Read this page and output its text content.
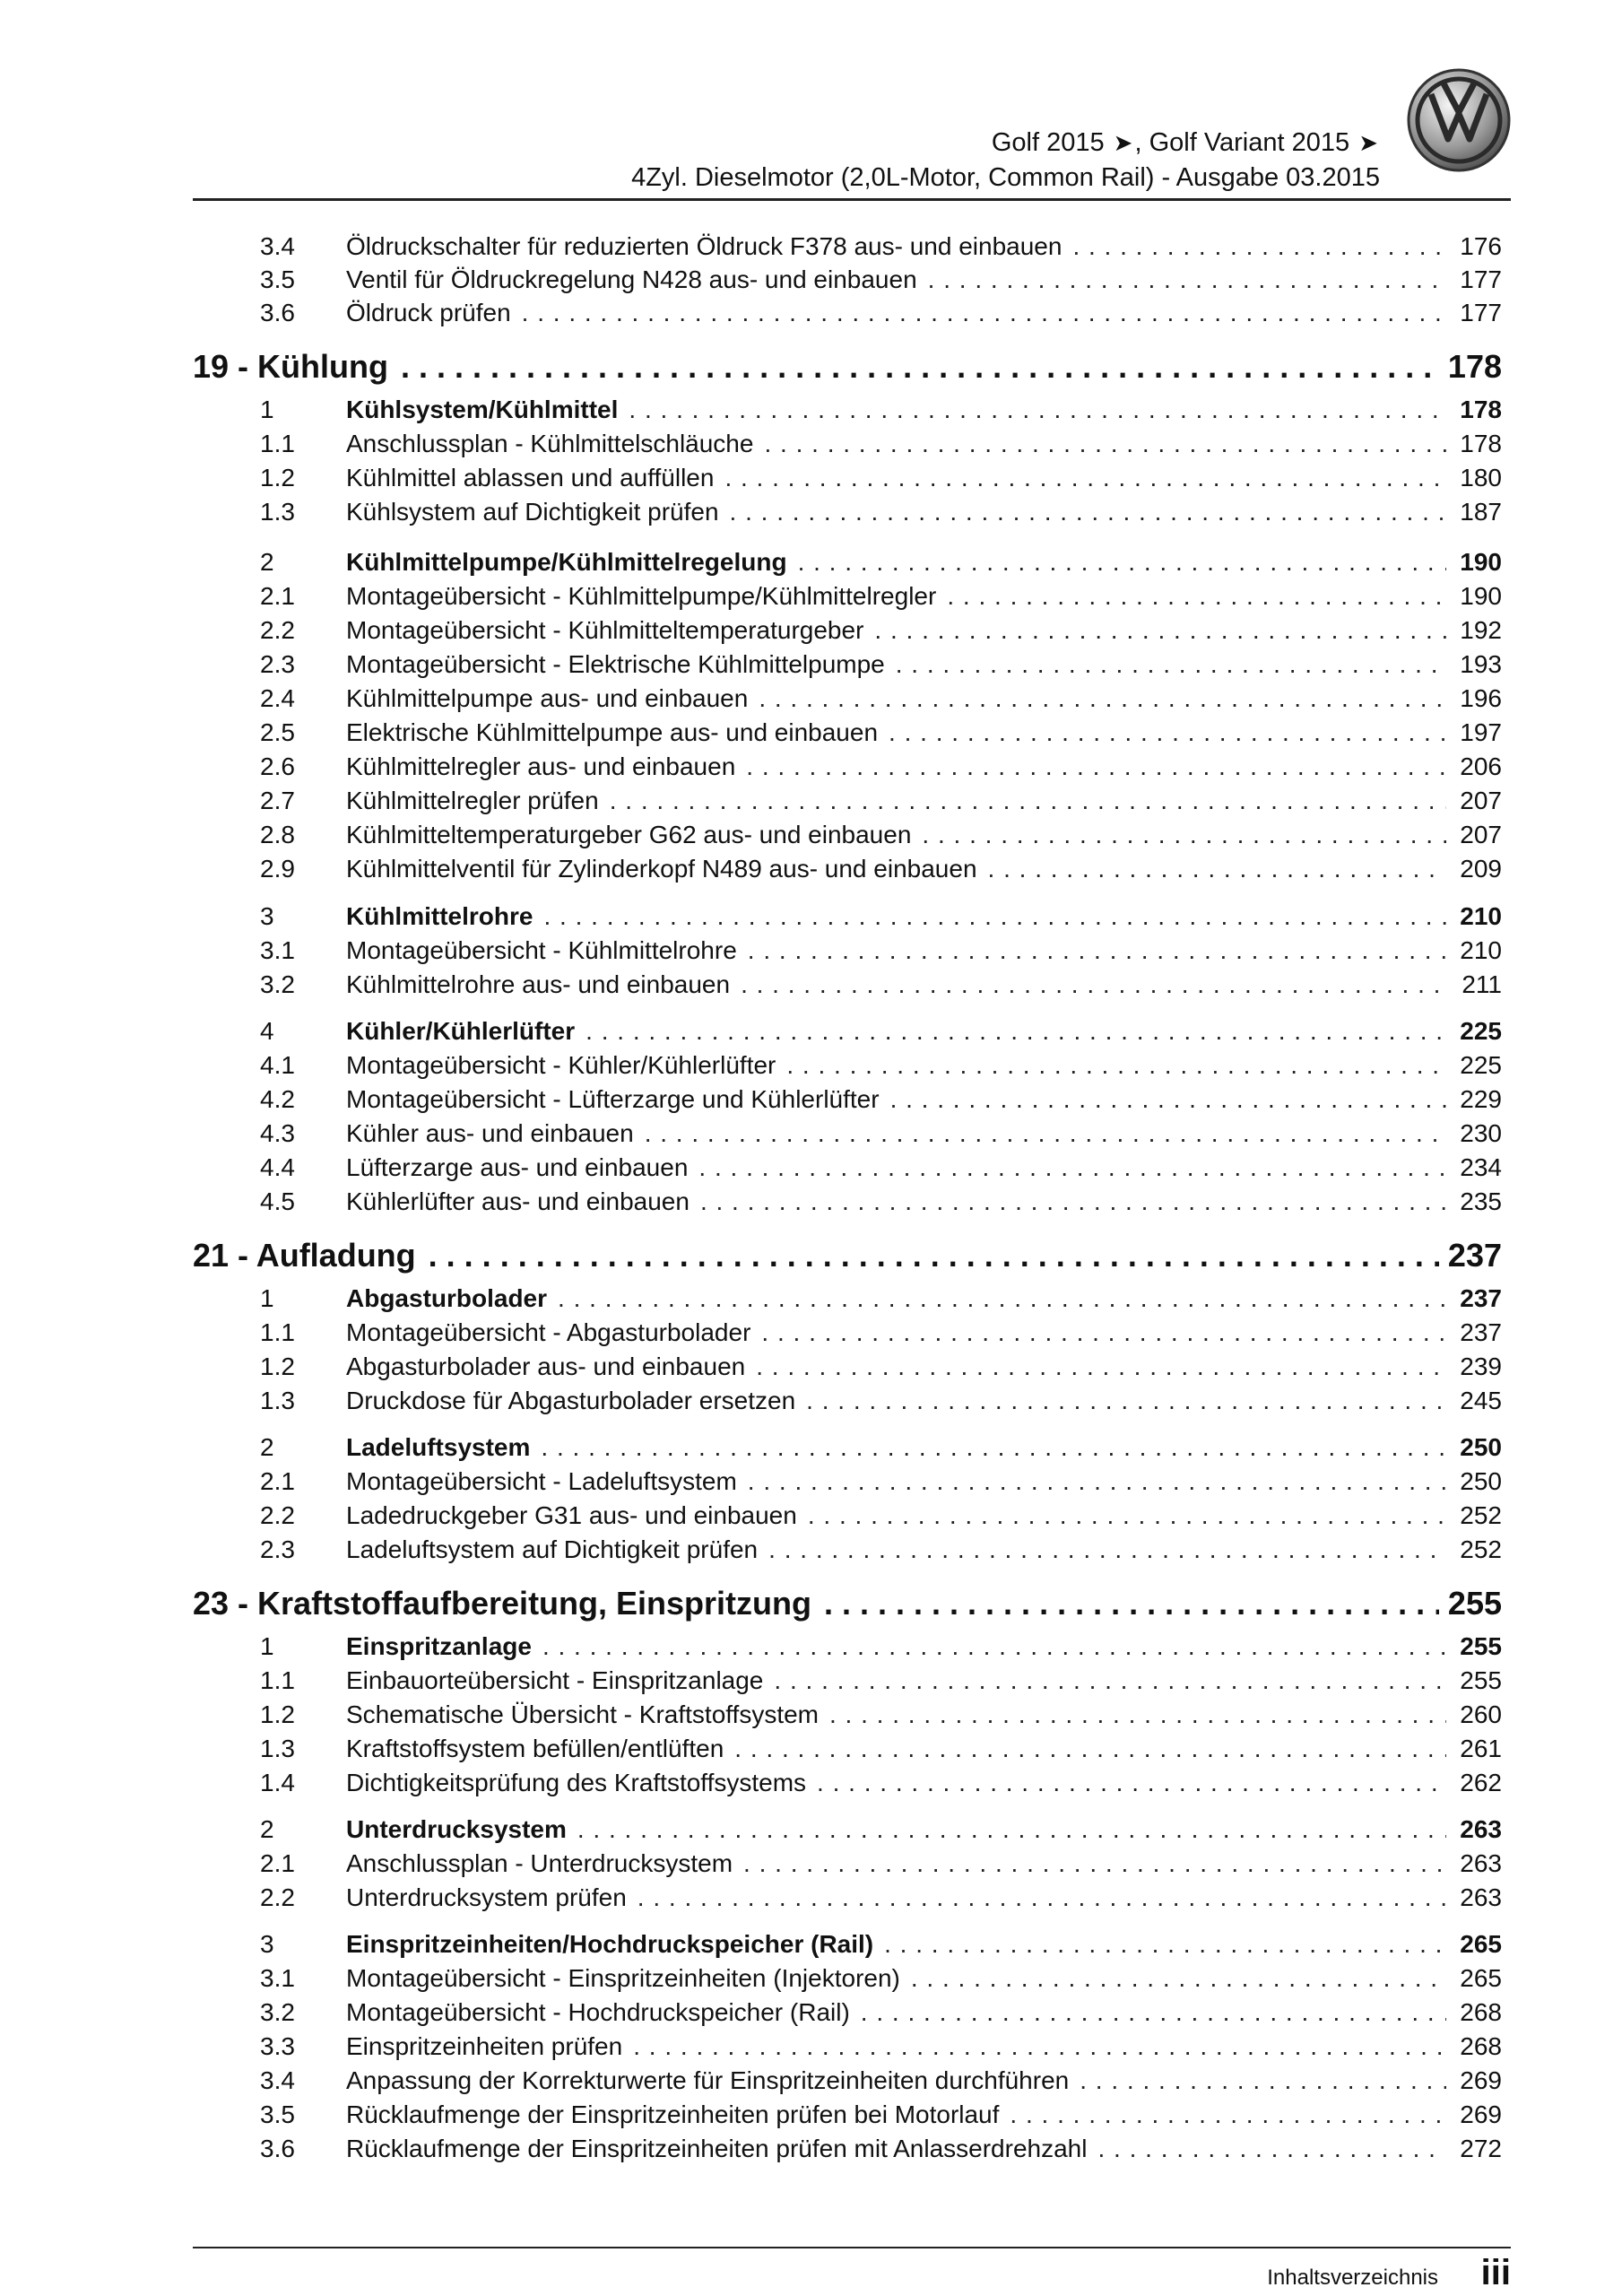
Golf 2015 ➤, Golf Variant 2015 ➤
4Zyl. Dieselmotor (2,0L-Motor, Common Rail) - Ausgabe 03.2015
3.4	Öldruckschalter für reduzierten Öldruck F378 aus- und einbauen . . .	176
3.5	Ventil für Öldruckregelung N428 aus- und einbauen . . .	177
3.6	Öldruck prüfen . . .	177
19 - Kühlung . . .	178
1	Kühlsystem/Kühlmittel . . .	178
1.1	Anschlussplan - Kühlmittelschläuche . . .	178
1.2	Kühlmittel ablassen und auffüllen . . .	180
1.3	Kühlsystem auf Dichtigkeit prüfen . . .	187
2	Kühlmittelpumpe/Kühlmittelregelung . . .	190
2.1	Montageübersicht - Kühlmittelpumpe/Kühlmittelregler . . .	190
2.2	Montageübersicht - Kühlmitteltemperaturgeber . . .	192
2.3	Montageübersicht - Elektrische Kühlmittelpumpe . . .	193
2.4	Kühlmittelpumpe aus- und einbauen . . .	196
2.5	Elektrische Kühlmittelpumpe aus- und einbauen . . .	197
2.6	Kühlmittelregler aus- und einbauen . . .	206
2.7	Kühlmittelregler prüfen . . .	207
2.8	Kühlmitteltemperaturgeber G62 aus- und einbauen . . .	207
2.9	Kühlmittelventil für Zylinderkopf N489 aus- und einbauen . . .	209
3	Kühlmittelrohre . . .	210
3.1	Montageübersicht - Kühlmittelrohre . . .	210
3.2	Kühlmittelrohre aus- und einbauen . . .	211
4	Kühler/Kühlerlüfter . . .	225
4.1	Montageübersicht - Kühler/Kühlerlüfter . . .	225
4.2	Montageübersicht - Lüfterzarge und Kühlerlüfter . . .	229
4.3	Kühler aus- und einbauen . . .	230
4.4	Lüfterzarge aus- und einbauen . . .	234
4.5	Kühlerlüfter aus- und einbauen . . .	235
21 - Aufladung . . .	237
1	Abgasturbolader . . .	237
1.1	Montageübersicht - Abgasturbolader . . .	237
1.2	Abgasturbolader aus- und einbauen . . .	239
1.3	Druckdose für Abgasturbolader ersetzen . . .	245
2	Ladeluftsystem . . .	250
2.1	Montageübersicht - Ladeluftsystem . . .	250
2.2	Ladedruckgeber G31 aus- und einbauen . . .	252
2.3	Ladeluftsystem auf Dichtigkeit prüfen . . .	252
23 - Kraftstoffaufbereitung, Einspritzung . . .	255
1	Einspritzanlage . . .	255
1.1	Einbauorteübersicht - Einspritzanlage . . .	255
1.2	Schematische Übersicht - Kraftstoffsystem . . .	260
1.3	Kraftstoffsystem befüllen/entlüften . . .	261
1.4	Dichtigkeitsprüfung des Kraftstoffsystems . . .	262
2	Unterdrucksystem . . .	263
2.1	Anschlussplan - Unterdrucksystem . . .	263
2.2	Unterdrucksystem prüfen . . .	263
3	Einspritzeinheiten/Hochdruckspeicher (Rail) . . .	265
3.1	Montageübersicht - Einspritzeinheiten (Injektoren) . . .	265
3.2	Montageübersicht - Hochdruckspeicher (Rail) . . .	268
3.3	Einspritzeinheiten prüfen . . .	268
3.4	Anpassung der Korrekturwerte für Einspritzeinheiten durchführen . . .	269
3.5	Rücklaufmenge der Einspritzeinheiten prüfen bei Motorlauf . . .	269
3.6	Rücklaufmenge der Einspritzeinheiten prüfen mit Anlasserdrehzahl . . .	272
Inhaltsverzeichnis iii
